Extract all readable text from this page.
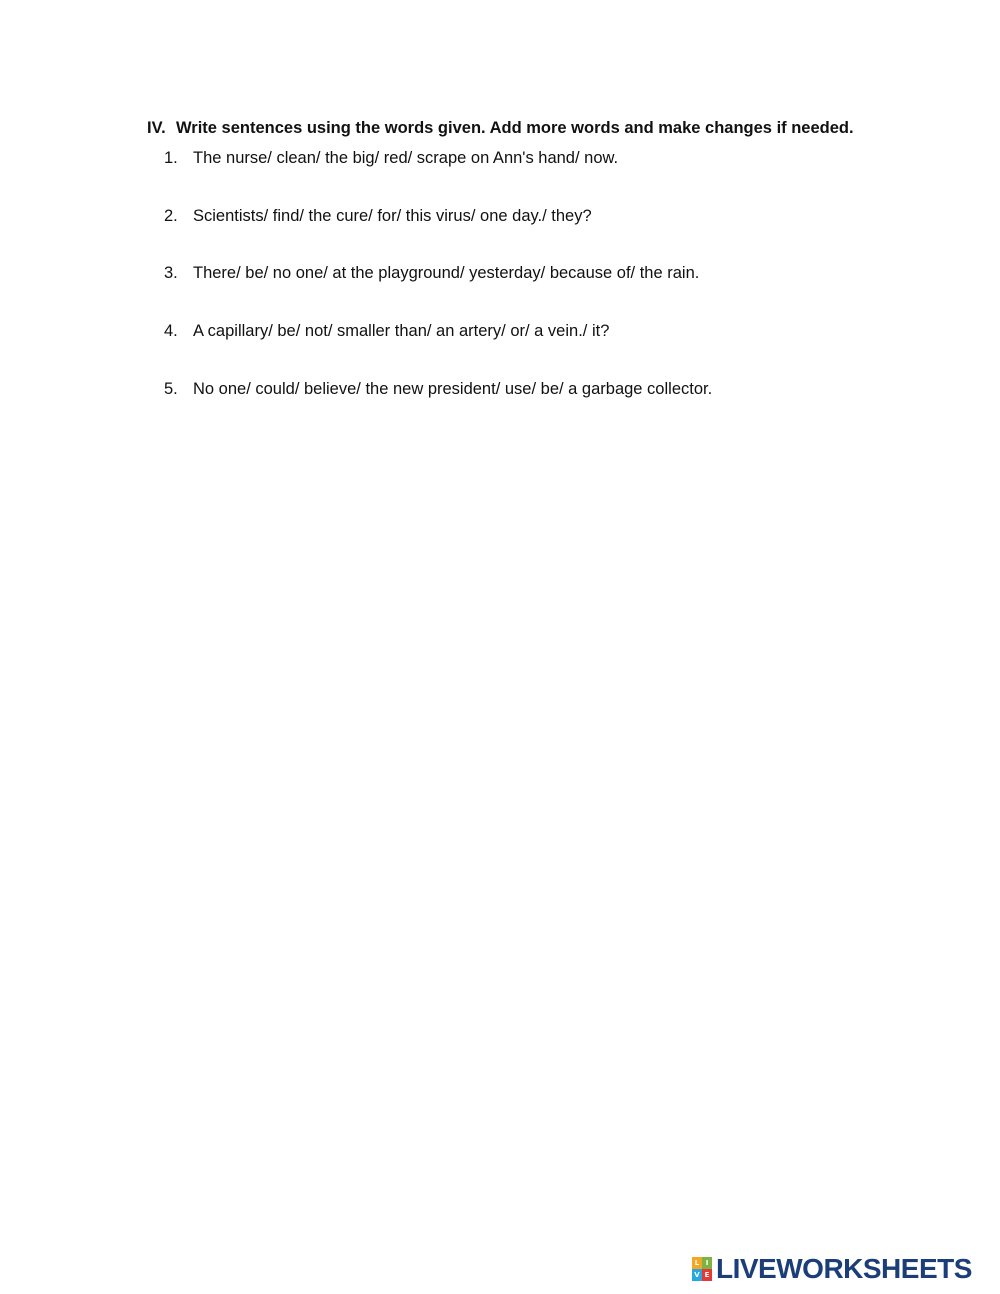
IV. Write sentences using the words given. Add more words and make changes if needed.
1. The nurse/ clean/ the big/ red/ scrape on Ann's hand/ now.
2. Scientists/ find/ the cure/ for/ this virus/ one day./ they?
3. There/ be/ no one/ at the playground/ yesterday/ because of/ the rain.
4. A capillary/ be/ not/ smaller than/ an artery/ or/ a vein./ it?
5. No one/ could/ believe/ the new president/ use/ be/ a garbage collector.
L I
V E LIVEWORKSHEETS
